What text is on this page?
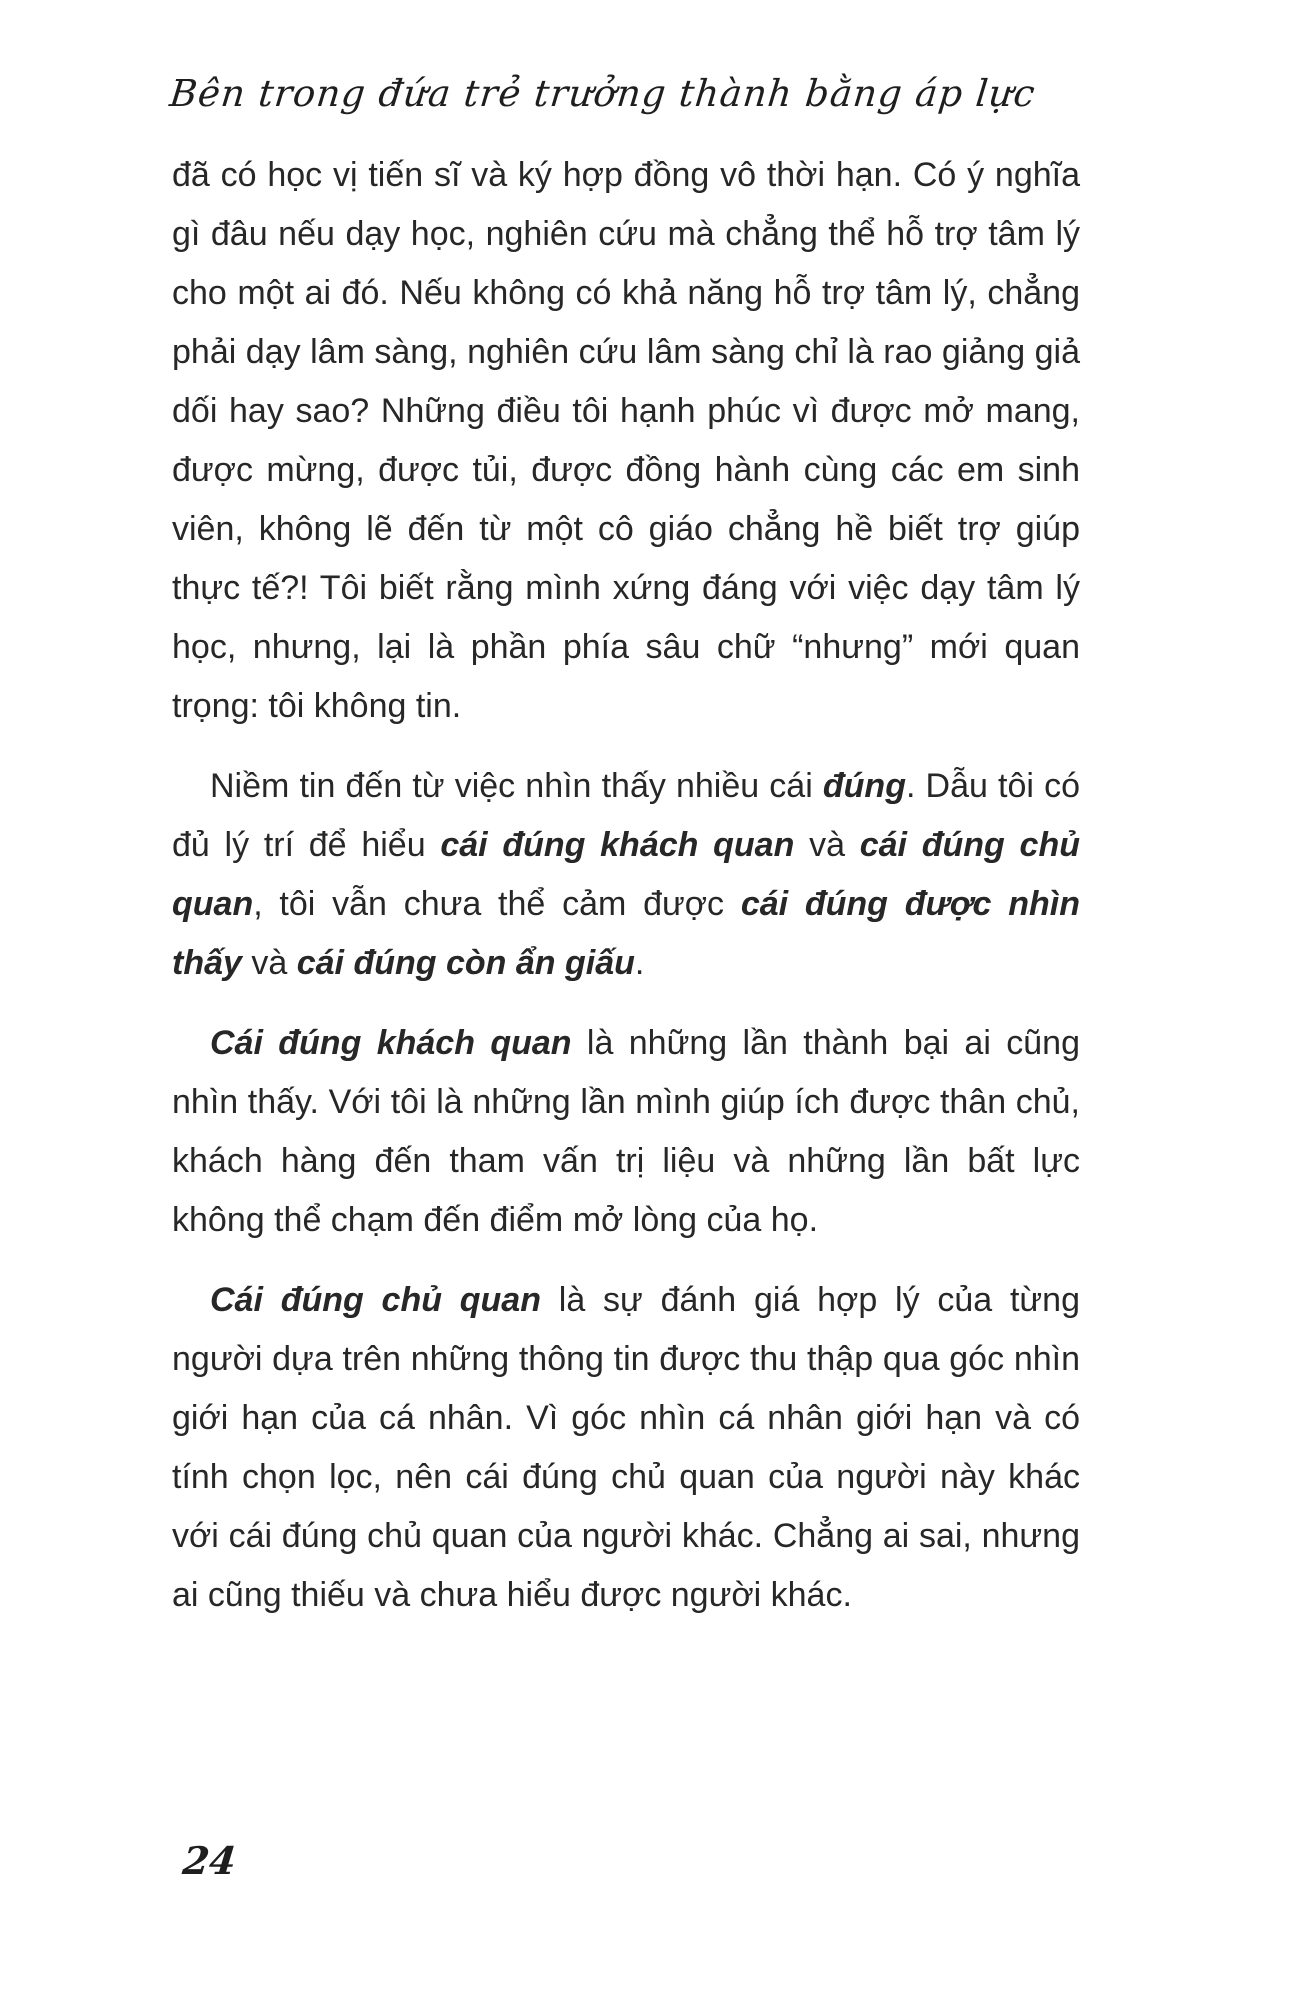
Bên trong đứa trẻ trưởng thành bằng áp lực

đã có học vị tiến sĩ và ký hợp đồng vô thời hạn. Có ý nghĩa gì đâu nếu dạy học, nghiên cứu mà chẳng thể hỗ trợ tâm lý cho một ai đó. Nếu không có khả năng hỗ trợ tâm lý, chẳng phải dạy lâm sàng, nghiên cứu lâm sàng chỉ là rao giảng giả dối hay sao? Những điều tôi hạnh phúc vì được mở mang, được mừng, được tủi, được đồng hành cùng các em sinh viên, không lẽ đến từ một cô giáo chẳng hề biết trợ giúp thực tế?! Tôi biết rằng mình xứng đáng với việc dạy tâm lý học, nhưng, lại là phần phía sâu chữ “nhưng” mới quan trọng: tôi không tin.

Niềm tin đến từ việc nhìn thấy nhiều cái đúng. Dẫu tôi có đủ lý trí để hiểu cái đúng khách quan và cái đúng chủ quan, tôi vẫn chưa thể cảm được cái đúng được nhìn thấy và cái đúng còn ẩn giấu.

Cái đúng khách quan là những lần thành bại ai cũng nhìn thấy. Với tôi là những lần mình giúp ích được thân chủ, khách hàng đến tham vấn trị liệu và những lần bất lực không thể chạm đến điểm mở lòng của họ.

Cái đúng chủ quan là sự đánh giá hợp lý của từng người dựa trên những thông tin được thu thập qua góc nhìn giới hạn của cá nhân. Vì góc nhìn cá nhân giới hạn và có tính chọn lọc, nên cái đúng chủ quan của người này khác với cái đúng chủ quan của người khác. Chẳng ai sai, nhưng ai cũng thiếu và chưa hiểu được người khác.

24
